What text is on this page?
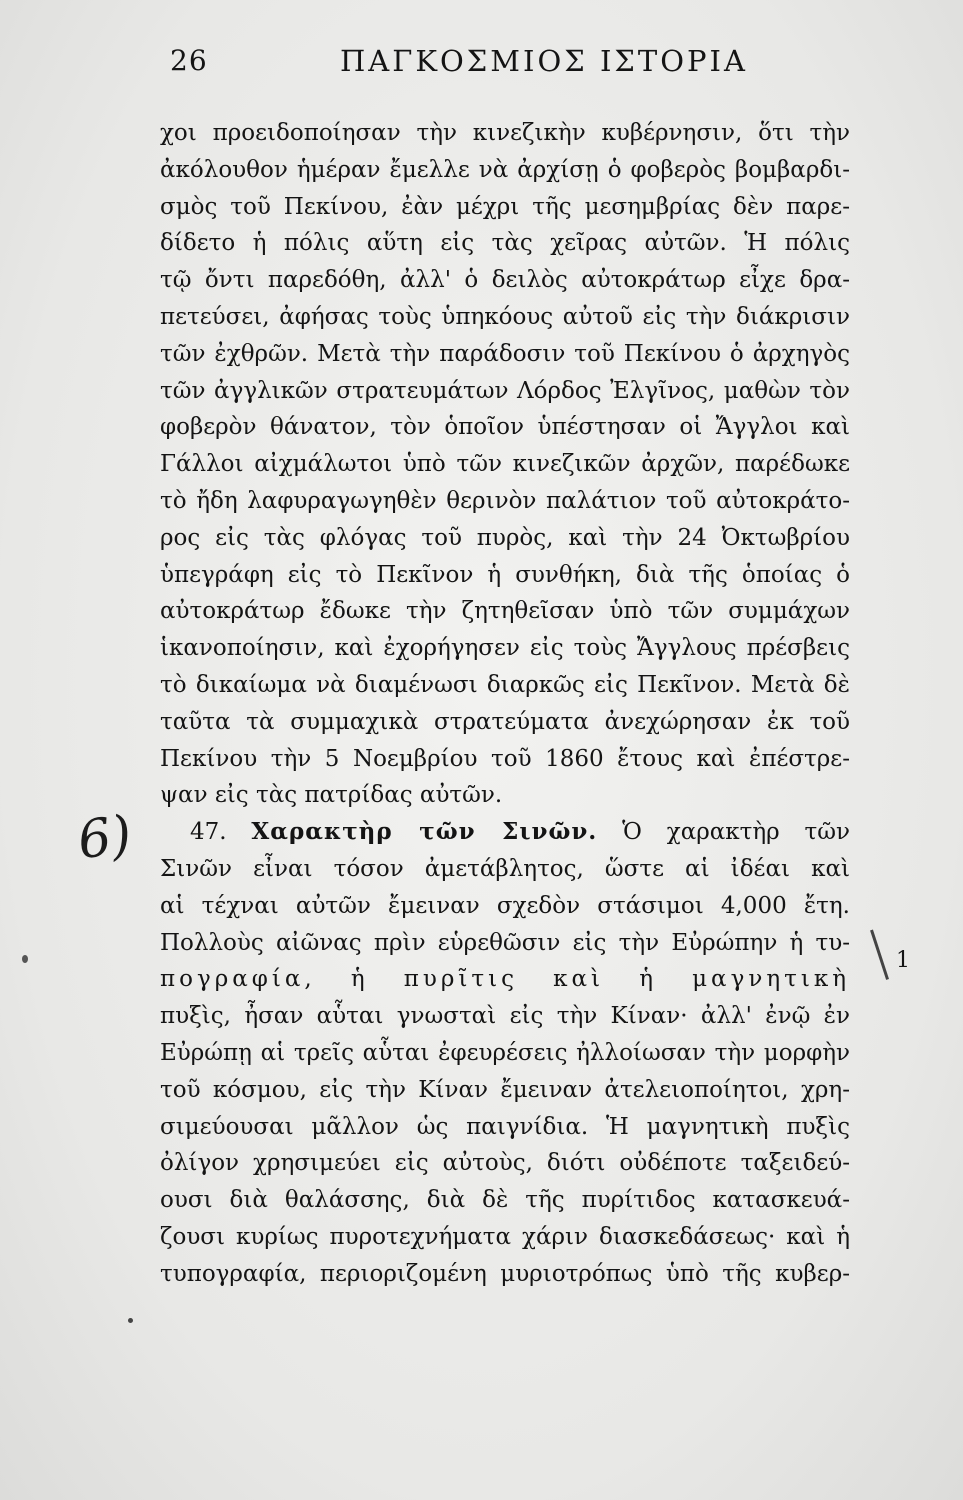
26	ΠΑΓΚΟΣΜΙΟΣ ΙΣΤΟΡΙΑ
6)
1
χοι προειδοποίησαν τὴν κινεζικὴν κυβέρνησιν, ὅτι τὴν
ἀκόλουθον ἡμέραν ἔμελλε νὰ ἀρχίσῃ ὁ φοβερὸς βομβαρδι-
σμὸς τοῦ Πεκίνου, ἐὰν μέχρι τῆς μεσημβρίας δὲν παρε-
δίδετο ἡ πόλις αὕτη εἰς τὰς χεῖρας αὐτῶν. Ἡ πόλις
τῷ ὄντι παρεδόθη, ἀλλ' ὁ δειλὸς αὐτοκράτωρ εἶχε δρα-
πετεύσει, ἀφήσας τοὺς ὑπηκόους αὐτοῦ εἰς τὴν διάκρισιν
τῶν ἐχθρῶν. Μετὰ τὴν παράδοσιν τοῦ Πεκίνου ὁ ἀρχηγὸς
τῶν ἀγγλικῶν στρατευμάτων Λόρδος Ἐλγῖνος, μαθὼν τὸν
φοβερὸν θάνατον, τὸν ὁποῖον ὑπέστησαν οἱ Ἄγγλοι καὶ
Γάλλοι αἰχμάλωτοι ὑπὸ τῶν κινεζικῶν ἀρχῶν, παρέδωκε
τὸ ἤδη λαφυραγωγηθὲν θερινὸν παλάτιον τοῦ αὐτοκράτο-
ρος εἰς τὰς φλόγας τοῦ πυρὸς, καὶ τὴν 24 Ὀκτωβρίου
ὑπεγράφη εἰς τὸ Πεκῖνον ἡ συνθήκη, διὰ τῆς ὁποίας ὁ
αὐτοκράτωρ ἔδωκε τὴν ζητηθεῖσαν ὑπὸ τῶν συμμάχων
ἱκανοποίησιν, καὶ ἐχορήγησεν εἰς τοὺς Ἄγγλους πρέσβεις
τὸ δικαίωμα νὰ διαμένωσι διαρκῶς εἰς Πεκῖνον. Μετὰ δὲ
ταῦτα τὰ συμμαχικὰ στρατεύματα ἀνεχώρησαν ἐκ τοῦ
Πεκίνου τὴν 5 Νοεμβρίου τοῦ 1860 ἔτους καὶ ἐπέστρε-
ψαν εἰς τὰς πατρίδας αὐτῶν.
47. Χαρακτὴρ τῶν Σινῶν. Ὁ χαρακτὴρ τῶν
Σινῶν εἶναι τόσον ἀμετάβλητος, ὥστε αἱ ἰδέαι καὶ
αἱ τέχναι αὐτῶν ἔμειναν σχεδὸν στάσιμοι 4,000 ἔτη.
Πολλοὺς αἰῶνας πρὶν εὑρεθῶσιν εἰς τὴν Εὐρώπην ἡ τυ-
πογραφία, ἡ πυρῖτις καὶ ἡ μαγνητικὴ
πυξὶς, ἦσαν αὗται γνωσταὶ εἰς τὴν Κίναν· ἀλλ' ἐνῷ ἐν
Εὐρώπῃ αἱ τρεῖς αὗται ἐφευρέσεις ἠλλοίωσαν τὴν μορφὴν
τοῦ κόσμου, εἰς τὴν Κίναν ἔμειναν ἀτελειοποίητοι, χρη-
σιμεύουσαι μᾶλλον ὡς παιγνίδια. Ἡ μαγνητικὴ πυξὶς
ὀλίγον χρησιμεύει εἰς αὐτοὺς, διότι οὐδέποτε ταξειδεύ-
ουσι διὰ θαλάσσης, διὰ δὲ τῆς πυρίτιδος κατασκευά-
ζουσι κυρίως πυροτεχνήματα χάριν διασκεδάσεως· καὶ ἡ
τυπογραφία, περιοριζομένη μυριοτρόπως ὑπὸ τῆς κυβερ-
